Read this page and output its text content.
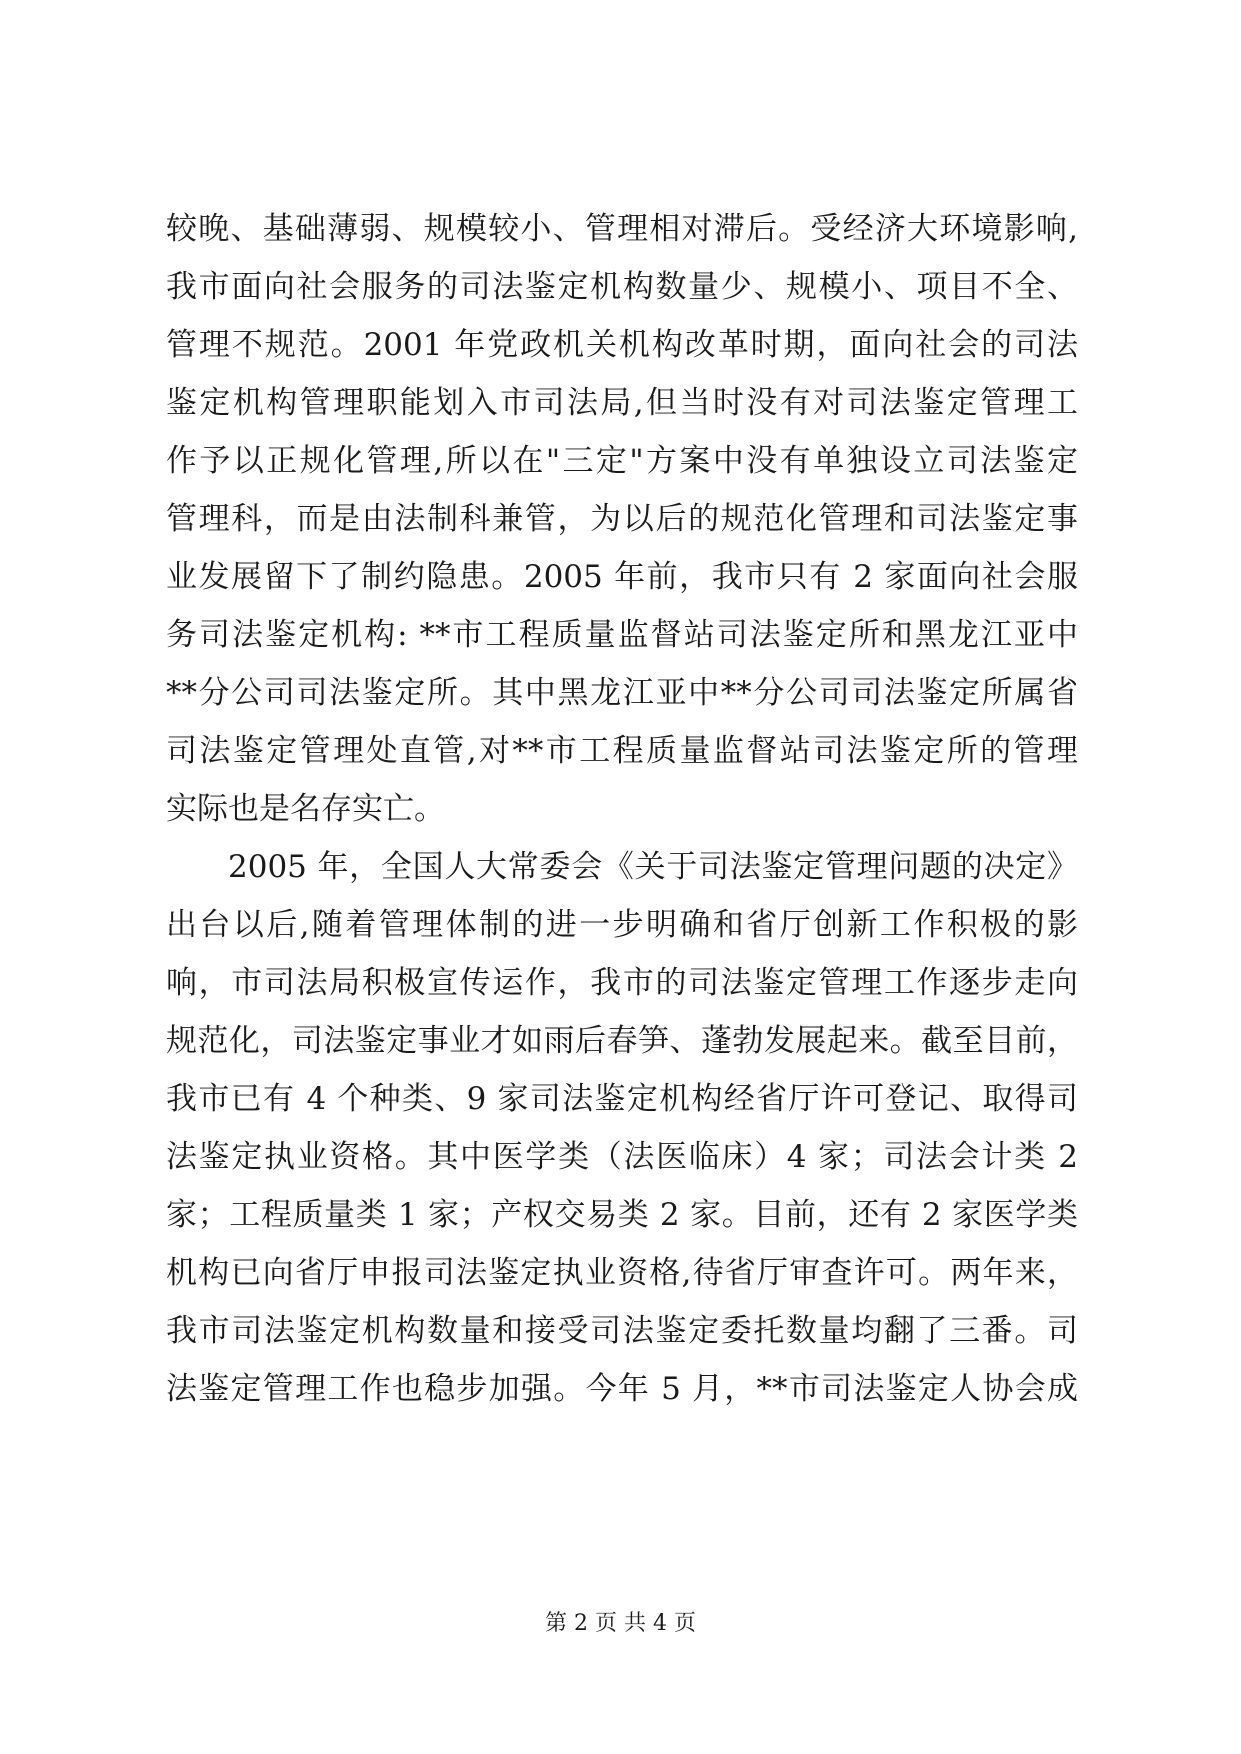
较晚、基础薄弱、规模较小、管理相对滞后。受经济大环境影响,
我市面向社会服务的司法鉴定机构数量少、规模小、项目不全、
管理不规范。2001 年党政机关机构改革时期，面向社会的司法
鉴定机构管理职能划入市司法局,但当时没有对司法鉴定管理工
作予以正规化管理,所以在"三定"方案中没有单独设立司法鉴定
管理科，而是由法制科兼管，为以后的规范化管理和司法鉴定事
业发展留下了制约隐患。2005 年前，我市只有 2 家面向社会服
务司法鉴定机构: **市工程质量监督站司法鉴定所和黑龙江亚中
**分公司司法鉴定所。其中黑龙江亚中**分公司司法鉴定所属省
司法鉴定管理处直管,对**市工程质量监督站司法鉴定所的管理
实际也是名存实亡。
2005 年，全国人大常委会《关于司法鉴定管理问题的决定》
出台以后,随着管理体制的进一步明确和省厅创新工作积极的影
响，市司法局积极宣传运作，我市的司法鉴定管理工作逐步走向
规范化，司法鉴定事业才如雨后春笋、蓬勃发展起来。截至目前，
我市已有 4 个种类、9 家司法鉴定机构经省厅许可登记、取得司
法鉴定执业资格。其中医学类（法医临床）4 家；司法会计类 2
家；工程质量类 1 家；产权交易类 2 家。目前，还有 2 家医学类
机构已向省厅申报司法鉴定执业资格,待省厅审查许可。两年来，
我市司法鉴定机构数量和接受司法鉴定委托数量均翻了三番。司
法鉴定管理工作也稳步加强。今年 5 月，**市司法鉴定人协会成
第 2 页 共 4 页
